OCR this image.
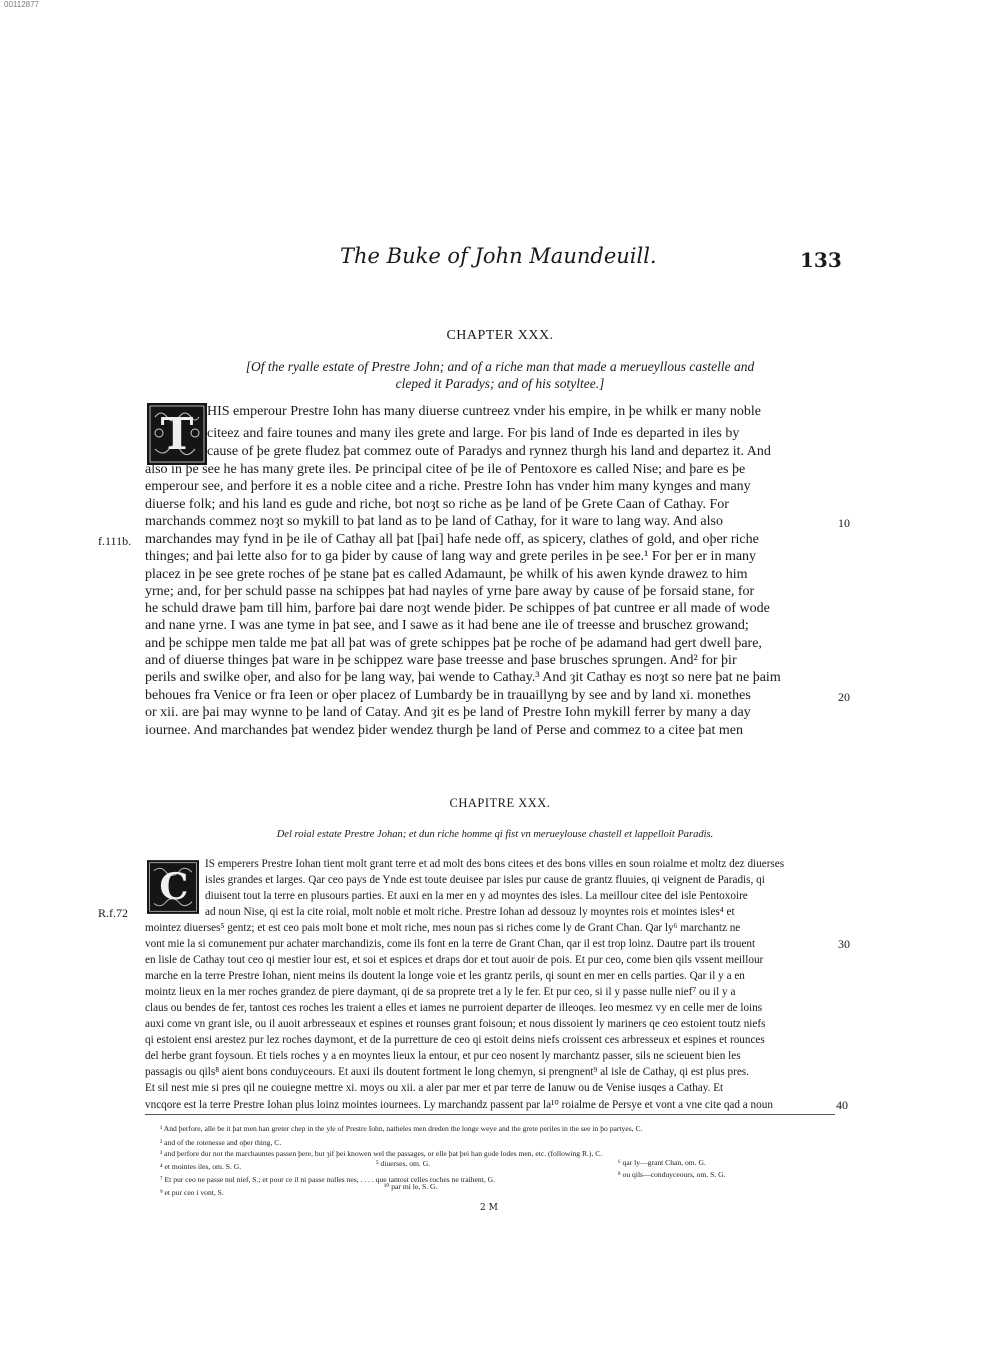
00112877
The Buke of John Maundeuill.	133
CHAPTER XXX.
[Of the ryalle estate of Prestre John; and of a riche man that made a merueyllous castelle and
cleped it Paradys; and of his sotyltee.]
T HIS emperour Prestre Iohn has many diuerse cuntreez vnder his empire, in þe whilk er many noble
citeez and faire tounes and many iles grete and large. For þis land of Inde es departed in iles by
cause of þe grete fludez þat commez oute of Paradys and rynnez thurgh his land and departez it. And
also in þe see he has many grete iles. Þe principal citee of þe ile of Pentoxore es called Nise; and þare es þe
emperour see, and þerfore it es a noble citee and a riche. Prestre Iohn has vnder him many kynges and many
diuerse folk; and his land es gude and riche, bot noȝt so riche as þe land of þe Grete Caan of Cathay. For
marchands commez noȝt so mykill to þat land as to þe land of Cathay, for it ware to lang way. And also
marchandes may fynd in þe ile of Cathay all þat [þai] hafe nede off, as spicery, clathes of gold, and oþer riche
thinges; and þai lette also for to ga þider by cause of lang way and grete periles in þe see.¹ For þer er in many
placez in þe see grete roches of þe stane þat es called Adamaunt, þe whilk of his awen kynde drawez to him
yrne; and, for þer schuld passe na schippes þat had nayles of yrne þare away by cause of þe forsaid stane, for
he schuld drawe þam till him, þarfore þai dare noȝt wende þider. Þe schippes of þat cuntree er all made of wode
and nane yrne. I was ane tyme in þat see, and I sawe as it had bene ane ile of treesse and bruschez growand;
and þe schippe men talde me þat all þat was of grete schippes þat þe roche of þe adamand had gert dwell þare,
and of diuerse thinges þat ware in þe schippez ware þase treesse and þase brusches sprungen. And² for þir
perils and swilke oþer, and also for þe lang way, þai wende to Cathay.³ And ȝit Cathay es noȝt so nere þat ne þaim
behoues fra Venice or fra Ieen or oþer placez of Lumbardy be in trauaillyng by see and by land xi. monethes
or xii. are þai may wynne to þe land of Catay. And ȝit es þe land of Prestre Iohn mykill ferrer by many a day
iournee. And marchandes þat wendez þider wendez thurgh þe land of Perse and commez to a citee þat men
f.111b.
10
20
CHAPITRE XXX.
Del roial estate Prestre Johan; et dun riche homme qi fist vn merueylouse chastell et lappelloit Paradis.
C
IS emperers Prestre Iohan tient molt grant terre et ad molt des bons citees et des bons villes en soun roialme et moltz dez diuerses
isles grandes et larges. Qar ceo pays de Ynde est toute deuisee par isles pur cause de grantz fluuies, qi veignent de Paradis, qi
diuisent tout la terre en plusours parties. Et auxi en la mer en y ad moyntes des isles. La meillour citee del isle Pentoxoire
ad noun Nise, qi est la cite roial, molt noble et molt riche. Prestre Iohan ad dessouz ly moyntes rois et mointes isles⁴ et
mointez diuerses⁵ gentz; et est ceo pais molt bone et molt riche, mes noun pas si riches come ly de Grant Chan. Qar ly⁶ marchantz ne
vont mie la si comunement pur achater marchandizis, come ils font en la terre de Grant Chan, qar il est trop loinz. Dautre part ils trouent
en lisle de Cathay tout ceo qi mestier lour est, et soi et espices et draps dor et tout auoir de pois. Et pur ceo, come bien qils vssent meillour
marche en la terre Prestre Iohan, nient meins ils doutent la longe voie et les grantz perils, qi sount en mer en cells parties. Qar il y a en
mointz lieux en la mer roches grandez de piere daymant, qi de sa proprete tret a ly le fer. Et pur ceo, si il y passe nulle nief⁷ ou il y a
claus ou bendes de fer, tantost ces roches les traient a elles et iames ne purroient departer de illeoqes. Ieo mesmez vy en celle mer de loins
auxi come vn grant isle, ou il auoit arbresseaux et espines et rounses grant foisoun; et nous dissoient ly mariners qe ceo estoient toutz niefs
qi estoient ensi arestez pur lez roches daymont, et de la purretture de ceo qi estoit deins niefs croissent ces arbresseux et espines et rounces
del herbe grant foysoun. Et tiels roches y a en moyntes lieux la entour, et pur ceo nosent ly marchantz passer, sils ne scieuent bien les
passagis ou qils⁸ aient bons conduyceours. Et auxi ils doutent fortment le long chemyn, si prengnent⁹ al isle de Cathay, qi est plus pres.
Et sil nest mie si pres qil ne couiegne mettre xi. moys ou xii. a aler par mer et par terre de Ianuw ou de Venise iusqes a Cathay. Et
vncqore est la terre Prestre Iohan plus loinz mointes iournees. Ly marchandz passent par la¹⁰ roialme de Persye et vont a vne cite qad a noun
R.f.72
30
40
¹ And þerfore, alle be it þat men han greter chep in the yle of Prestre Iohn, natheles men dreden the longe weye and the grete periles in the see in þo partyes, C.
² and of the rotenesse and oþer thing, C.
³ and þerfore dur not the marchauntes passen þere, but ȝif þei knowen wel the passages, or elle þat þei han gode lodes men, etc. (following R.), C.
⁴ et mointes iles, om. S. G.	⁵ diuerses, om. G.	⁶ qar ly—grant Chan, om. G.
⁷ Et pur ceo ne passe nul nief, S.; et pour ce il ni passe nulles nes, . . . . que tantost celles roches ne traihent, G.
⁸ ou qils—conduyceours, om. S. G.
⁹ et pur ceo i vont, S.
¹⁰ par mi le, S. G.
2 M
